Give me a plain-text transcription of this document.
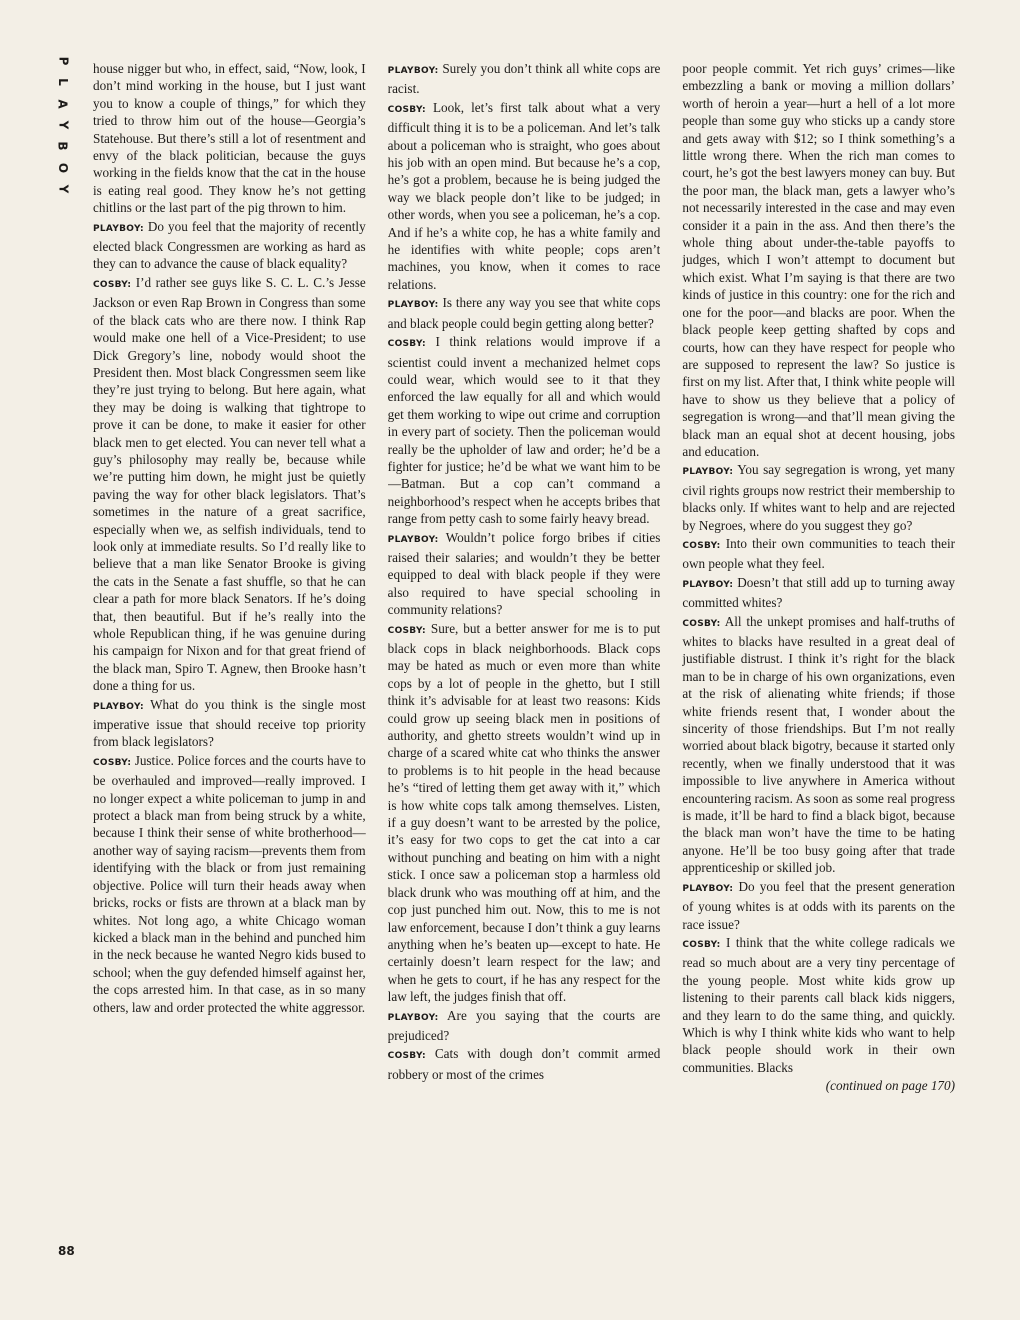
P
L
A
Y
B
O
Y

house nigger but who, in effect, said, “Now, look, I don’t mind working in the house, but I just want you to know a couple of things,” for which they tried to throw him out of the house—Georgia’s Statehouse. But there’s still a lot of resentment and envy of the black politician, because the guys working in the fields know that the cat in the house is eating real good. They know he’s not getting chitlins or the last part of the pig thrown to him.

PLAYBOY: Do you feel that the majority of recently elected black Congressmen are working as hard as they can to advance the cause of black equality?

COSBY: I’d rather see guys like S. C. L. C.’s Jesse Jackson or even Rap Brown in Congress than some of the black cats who are there now. I think Rap would make one hell of a Vice-President; to use Dick Gregory’s line, nobody would shoot the President then. Most black Congressmen seem like they’re just trying to belong. But here again, what they may be doing is walking that tightrope to prove it can be done, to make it easier for other black men to get elected. You can never tell what a guy’s philosophy may really be, because while we’re putting him down, he might just be quietly paving the way for other black legislators. That’s sometimes in the nature of a great sacrifice, especially when we, as selfish individuals, tend to look only at immediate results. So I’d really like to believe that a man like Senator Brooke is giving the cats in the Senate a fast shuffle, so that he can clear a path for more black Senators. If he’s doing that, then beautiful. But if he’s really into the whole Republican thing, if he was genuine during his campaign for Nixon and for that great friend of the black man, Spiro T. Agnew, then Brooke hasn’t done a thing for us.

PLAYBOY: What do you think is the single most imperative issue that should receive top priority from black legislators?

COSBY: Justice. Police forces and the courts have to be overhauled and improved—really improved. I no longer expect a white policeman to jump in and protect a black man from being struck by a white, because I think their sense of white brotherhood—another way of saying racism—prevents them from identifying with the black or from just remaining objective. Police will turn their heads away when bricks, rocks or fists are thrown at a black man by whites. Not long ago, a white Chicago woman kicked a black man in the behind and punched him in the neck because he wanted Negro kids bused to school; when the guy defended himself against her, the cops arrested him. In that case, as in so many others, law and order protected the white aggressor.

PLAYBOY: Surely you don’t think all white cops are racist.

COSBY: Look, let’s first talk about what a very difficult thing it is to be a policeman. And let’s talk about a policeman who is straight, who goes about his job with an open mind. But because he’s a cop, he’s got a problem, because he is being judged the way we black people don’t like to be judged; in other words, when you see a policeman, he’s a cop. And if he’s a white cop, he has a white family and he identifies with white people; cops aren’t machines, you know, when it comes to race relations.

PLAYBOY: Is there any way you see that white cops and black people could begin getting along better?

COSBY: I think relations would improve if a scientist could invent a mechanized helmet cops could wear, which would see to it that they enforced the law equally for all and which would get them working to wipe out crime and corruption in every part of society. Then the policeman would really be the upholder of law and order; he’d be a fighter for justice; he’d be what we want him to be—Batman. But a cop can’t command a neighborhood’s respect when he accepts bribes that range from petty cash to some fairly heavy bread.

PLAYBOY: Wouldn’t police forgo bribes if cities raised their salaries; and wouldn’t they be better equipped to deal with black people if they were also required to have special schooling in community relations?

COSBY: Sure, but a better answer for me is to put black cops in black neighborhoods. Black cops may be hated as much or even more than white cops by a lot of people in the ghetto, but I still think it’s advisable for at least two reasons: Kids could grow up seeing black men in positions of authority, and ghetto streets wouldn’t wind up in charge of a scared white cat who thinks the answer to problems is to hit people in the head because he’s “tired of letting them get away with it,” which is how white cops talk among themselves. Listen, if a guy doesn’t want to be arrested by the police, it’s easy for two cops to get the cat into a car without punching and beating on him with a night stick. I once saw a policeman stop a harmless old black drunk who was mouthing off at him, and the cop just punched him out. Now, this to me is not law enforcement, because I don’t think a guy learns anything when he’s beaten up—except to hate. He certainly doesn’t learn respect for the law; and when he gets to court, if he has any respect for the law left, the judges finish that off.

PLAYBOY: Are you saying that the courts are prejudiced?

COSBY: Cats with dough don’t commit armed robbery or most of the crimes

poor people commit. Yet rich guys’ crimes—like embezzling a bank or moving a million dollars’ worth of heroin a year—hurt a hell of a lot more people than some guy who sticks up a candy store and gets away with $12; so I think something’s a little wrong there. When the rich man comes to court, he’s got the best lawyers money can buy. But the poor man, the black man, gets a lawyer who’s not necessarily interested in the case and may even consider it a pain in the ass. And then there’s the whole thing about under-the-table payoffs to judges, which I won’t attempt to document but which exist. What I’m saying is that there are two kinds of justice in this country: one for the rich and one for the poor—and blacks are poor. When the black people keep getting shafted by cops and courts, how can they have respect for people who are supposed to represent the law? So justice is first on my list. After that, I think white people will have to show us they believe that a policy of segregation is wrong—and that’ll mean giving the black man an equal shot at decent housing, jobs and education.

PLAYBOY: You say segregation is wrong, yet many civil rights groups now restrict their membership to blacks only. If whites want to help and are rejected by Negroes, where do you suggest they go?

COSBY: Into their own communities to teach their own people what they feel.

PLAYBOY: Doesn’t that still add up to turning away committed whites?

COSBY: All the unkept promises and half-truths of whites to blacks have resulted in a great deal of justifiable distrust. I think it’s right for the black man to be in charge of his own organizations, even at the risk of alienating white friends; if those white friends resent that, I wonder about the sincerity of those friendships. But I’m not really worried about black bigotry, because it started only recently, when we finally understood that it was impossible to live anywhere in America without encountering racism. As soon as some real progress is made, it’ll be hard to find a black bigot, because the black man won’t have the time to be hating anyone. He’ll be too busy going after that trade apprenticeship or skilled job.

PLAYBOY: Do you feel that the present generation of young whites is at odds with its parents on the race issue?

COSBY: I think that the white college radicals we read so much about are a very tiny percentage of the young people. Most white kids grow up listening to their parents call black kids niggers, and they learn to do the same thing, and quickly. Which is why I think white kids who want to help black people should work in their own communities. Blacks

(continued on page 170)

88
